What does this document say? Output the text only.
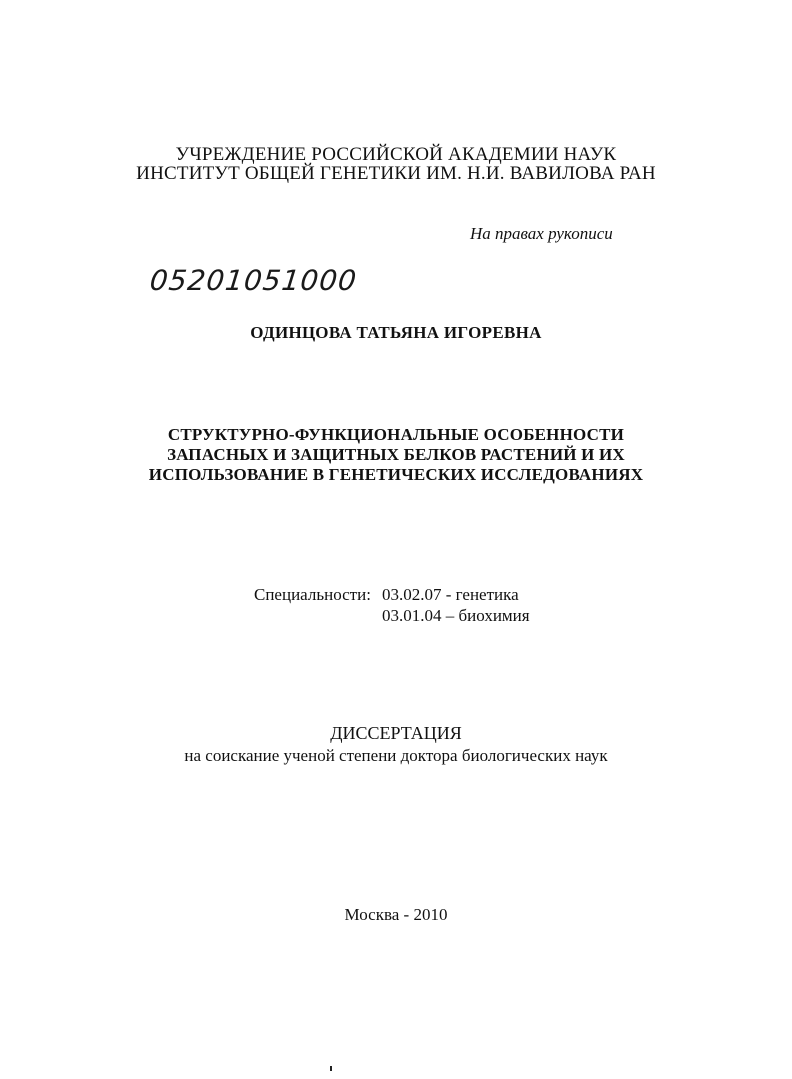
УЧРЕЖДЕНИЕ РОССИЙСКОЙ АКАДЕМИИ НАУК
ИНСТИТУТ ОБЩЕЙ ГЕНЕТИКИ ИМ. Н.И. ВАВИЛОВА РАН
На правах рукописи
05201051000
ОДИНЦОВА ТАТЬЯНА ИГОРЕВНА
СТРУКТУРНО-ФУНКЦИОНАЛЬНЫЕ ОСОБЕННОСТИ
ЗАПАСНЫХ И ЗАЩИТНЫХ БЕЛКОВ РАСТЕНИЙ И ИХ
ИСПОЛЬЗОВАНИЕ В ГЕНЕТИЧЕСКИХ ИССЛЕДОВАНИЯХ
Специальности: 03.02.07 - генетика
03.01.04 – биохимия
ДИССЕРТАЦИЯ
на соискание ученой степени доктора биологических наук
Москва - 2010
